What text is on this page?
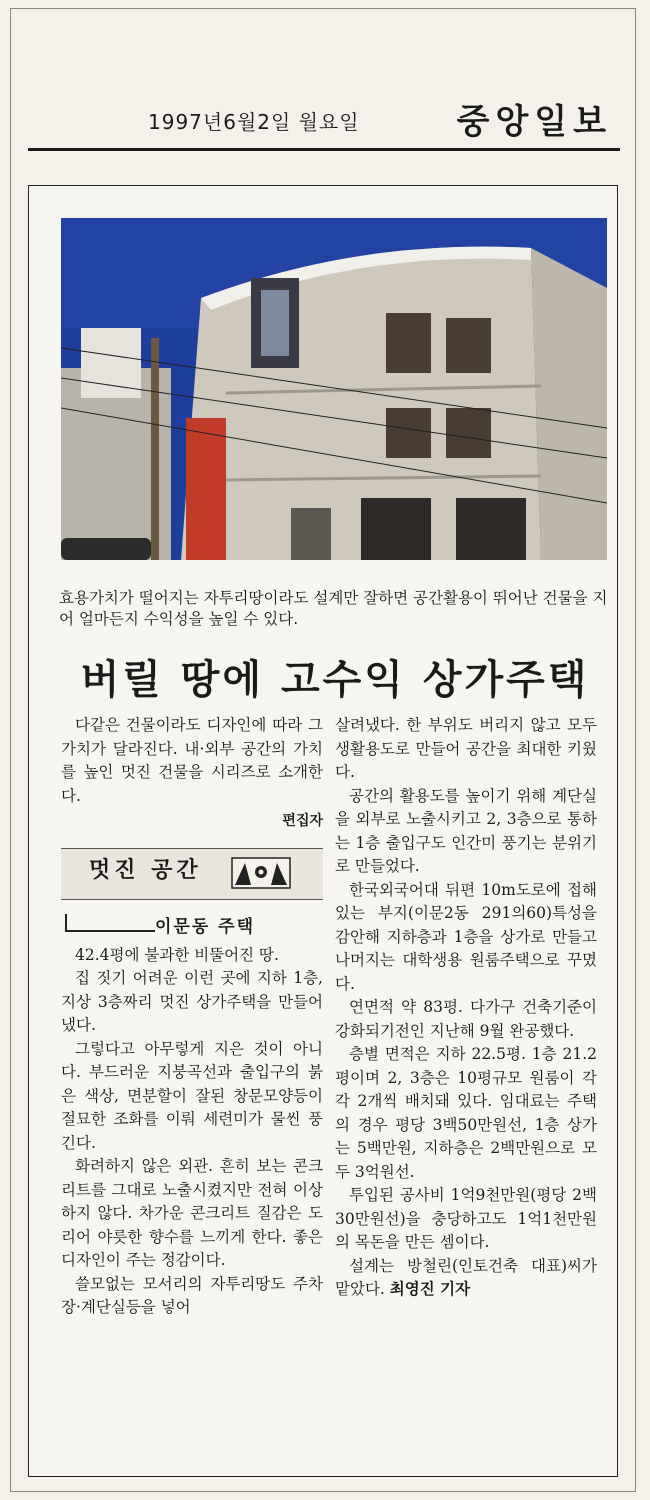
1997년6월2일 월요일	중앙일보
효용가치가 떨어지는 자투리땅이라도 설계만 잘하면 공간활용이 뛰어난 건물을 지어 얼마든지 수익성을 높일 수 있다.
버릴 땅에 고수익 상가주택

다같은 건물이라도 디자인에 따라 그 가치가 달라진다. 내·외부 공간의 가치를 높인 멋진 건물을 시리즈로 소개한다.

편집자

멋진 공간
이문동 주택

42.4평에 불과한 비뚤어진 땅.

집 짓기 어려운 이런 곳에 지하 1층, 지상 3층짜리 멋진 상가주택을 만들어냈다.

그렇다고 아무렇게 지은 것이 아니다. 부드러운 지붕곡선과 출입구의 붉은 색상, 면분할이 잘된 창문모양등이 절묘한 조화를 이뤄 세련미가 물씬 풍긴다.

화려하지 않은 외관. 흔히 보는 콘크리트를 그대로 노출시켰지만 전혀 이상하지 않다. 차가운 콘크리트 질감은 도리어 야릇한 향수를 느끼게 한다. 좋은 디자인이 주는 정감이다.

쓸모없는 모서리의 자투리땅도 주차장·계단실등을 넣어

살려냈다. 한 부위도 버리지 않고 모두 생활용도로 만들어 공간을 최대한 키웠다.

공간의 활용도를 높이기 위해 계단실을 외부로 노출시키고 2, 3층으로 통하는 1층 출입구도 인간미 풍기는 분위기로 만들었다.

한국외국어대 뒤편 10m도로에 접해 있는 부지(이문2동 291의60)특성을 감안해 지하층과 1층을 상가로 만들고 나머지는 대학생용 원룸주택으로 꾸몄다.

연면적 약 83평. 다가구 건축기준이 강화되기전인 지난해 9월 완공했다.

층별 면적은 지하 22.5평. 1층 21.2평이며 2, 3층은 10평규모 원룸이 각각 2개씩 배치돼 있다. 임대료는 주택의 경우 평당 3백50만원선, 1층 상가는 5백만원, 지하층은 2백만원으로 모두 3억원선.

투입된 공사비 1억9천만원(평당 2백30만원선)을 충당하고도 1억1천만원의 목돈을 만든 셈이다.

설계는 방철린(인토건축 대표)씨가 맡았다. 최영진 기자
